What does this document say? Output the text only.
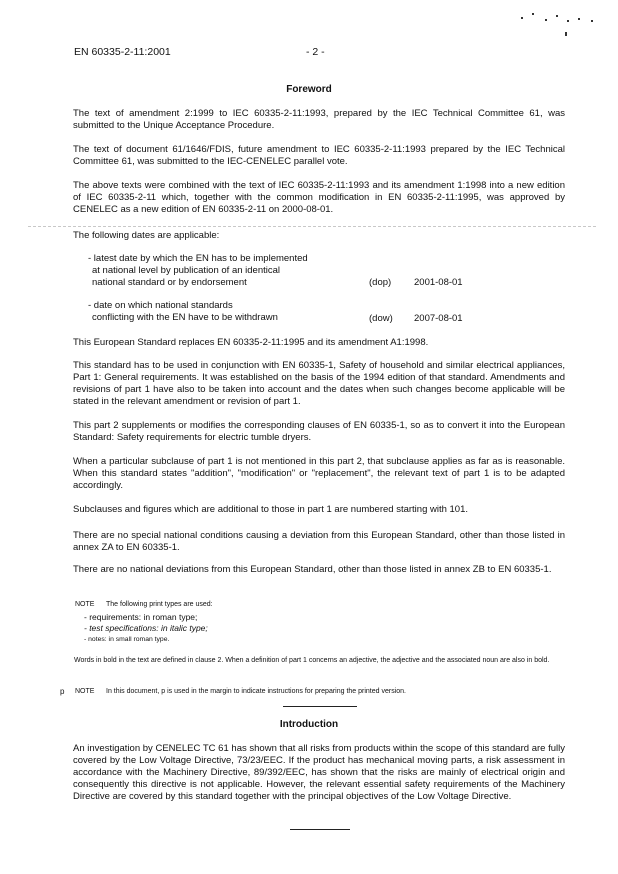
EN 60335-2-11:2001	- 2 -
Foreword
The text of amendment 2:1999 to IEC 60335-2-11:1993, prepared by the IEC Technical Committee 61, was submitted to the Unique Acceptance Procedure.
The text of document 61/1646/FDIS, future amendment to IEC 60335-2-11:1993 prepared by the IEC Technical Committee 61, was submitted to the IEC-CENELEC parallel vote.
The above texts were combined with the text of IEC 60335-2-11:1993 and its amendment 1:1998 into a new edition of IEC 60335-2-11 which, together with the common modification in EN 60335-2-11:1995, was approved by CENELEC as a new edition of EN 60335-2-11 on 2000-08-01.
The following dates are applicable:
- latest date by which the EN has to be implemented
at national level by publication of an identical
national standard or by endorsement	(dop) 2001-08-01
- date on which national standards
conflicting with the EN have to be withdrawn	(dow) 2007-08-01
This European Standard replaces EN 60335-2-11:1995 and its amendment A1:1998.
This standard has to be used in conjunction with EN 60335-1, Safety of household and similar electrical appliances, Part 1: General requirements. It was established on the basis of the 1994 edition of that standard. Amendments and revisions of part 1 have also to be taken into account and the dates when such changes become applicable will be stated in the relevant amendment or revision of part 1.
This part 2 supplements or modifies the corresponding clauses of EN 60335-1, so as to convert it into the European Standard: Safety requirements for electric tumble dryers.
When a particular subclause of part 1 is not mentioned in this part 2, that subclause applies as far as is reasonable. When this standard states "addition", "modification" or "replacement", the relevant text of part 1 is to be adapted accordingly.
Subclauses and figures which are additional to those in part 1 are numbered starting with 101.
There are no special national conditions causing a deviation from this European Standard, other than those listed in annex ZA to EN 60335-1.
There are no national deviations from this European Standard, other than those listed in annex ZB to EN 60335-1.
NOTE The following print types are used:
- requirements: in roman type;
- test specifications: in italic type;
- notes: in small roman type.
Words in bold in the text are defined in clause 2. When a definition of part 1 concerns an adjective, the adjective and the associated noun are also in bold.
p NOTE In this document, p is used in the margin to indicate instructions for preparing the printed version.
Introduction
An investigation by CENELEC TC 61 has shown that all risks from products within the scope of this standard are fully covered by the Low Voltage Directive, 73/23/EEC. If the product has mechanical moving parts, a risk assessment in accordance with the Machinery Directive, 89/392/EEC, has shown that the risks are mainly of electrical origin and consequently this directive is not applicable. However, the relevant essential safety requirements of the Machinery Directive are covered by this standard together with the principal objectives of the Low Voltage Directive.
